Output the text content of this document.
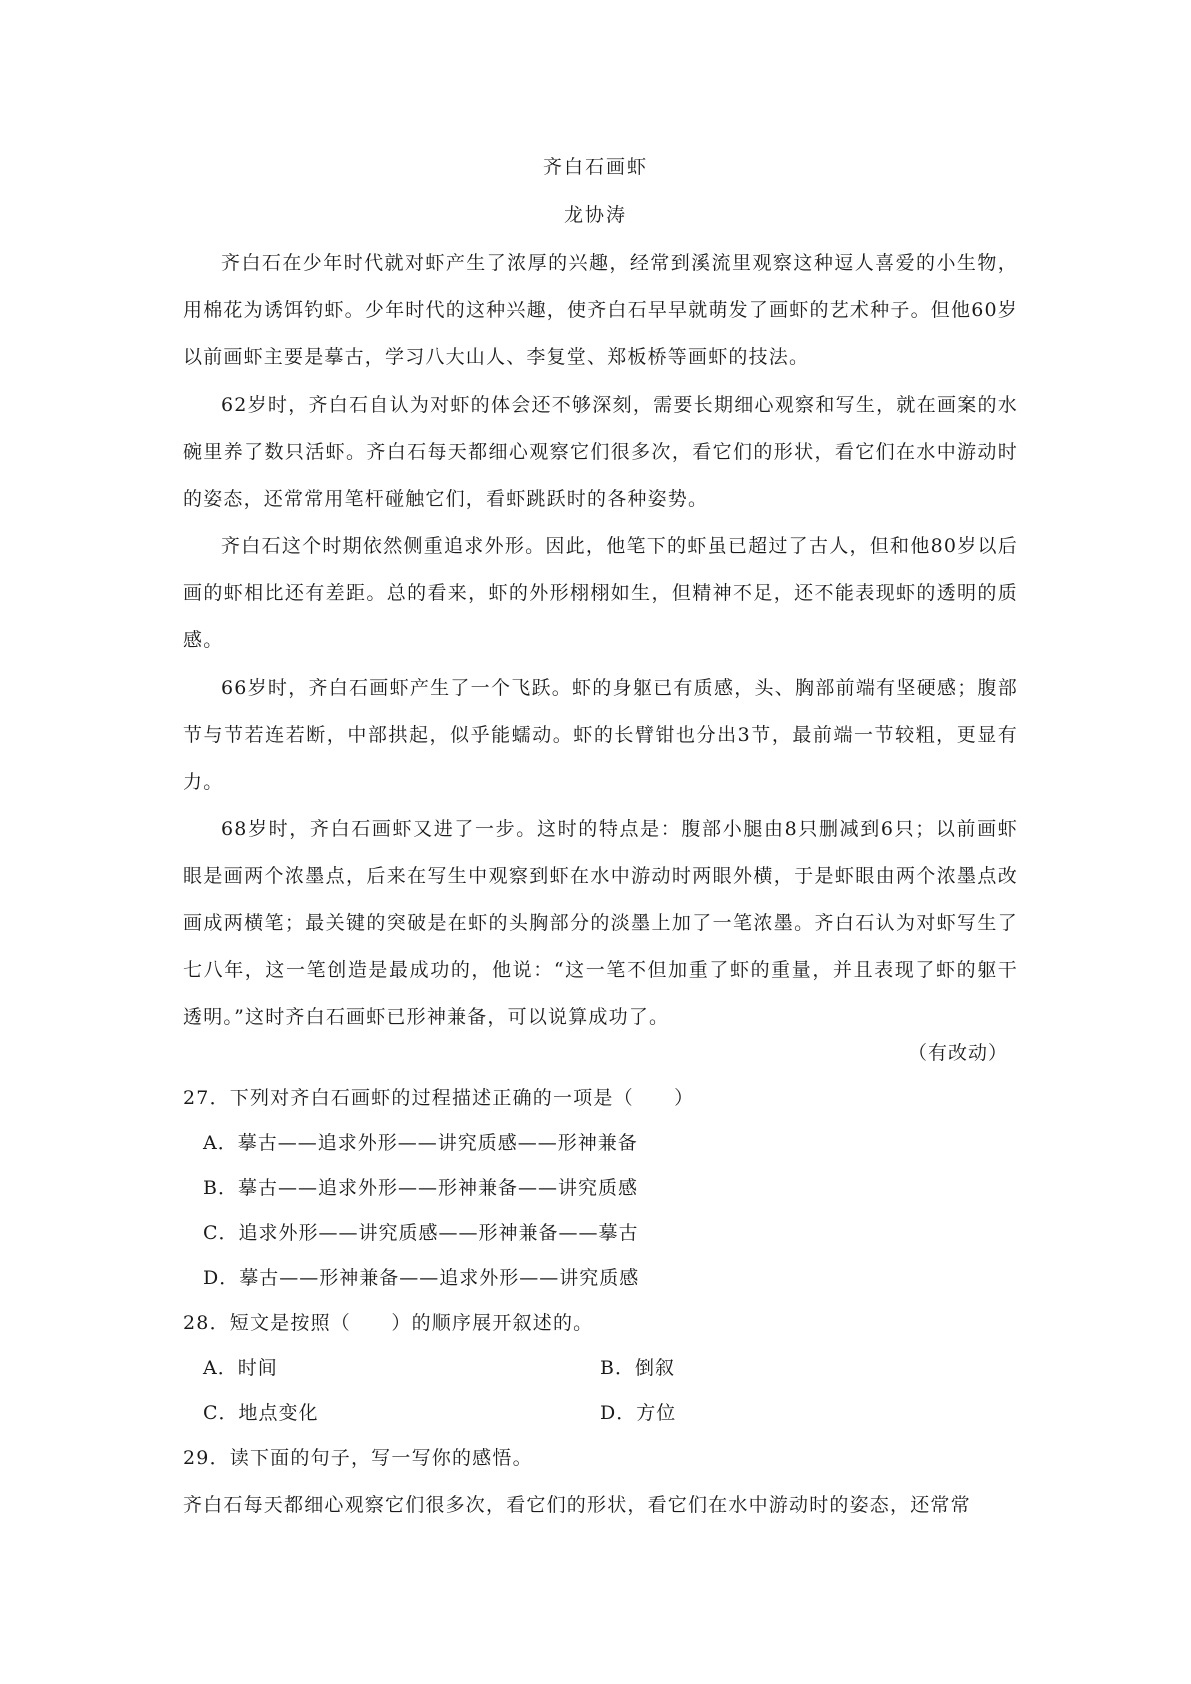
齐白石画虾
龙协涛

齐白石在少年时代就对虾产生了浓厚的兴趣，经常到溪流里观察这种逗人喜爱的小生物，用棉花为诱饵钓虾。少年时代的这种兴趣，使齐白石早早就萌发了画虾的艺术种子。但他60岁以前画虾主要是摹古，学习八大山人、李复堂、郑板桥等画虾的技法。

62岁时，齐白石自认为对虾的体会还不够深刻，需要长期细心观察和写生，就在画案的水碗里养了数只活虾。齐白石每天都细心观察它们很多次，看它们的形状，看它们在水中游动时的姿态，还常常用笔杆碰触它们，看虾跳跃时的各种姿势。

齐白石这个时期依然侧重追求外形。因此，他笔下的虾虽已超过了古人，但和他80岁以后画的虾相比还有差距。总的看来，虾的外形栩栩如生，但精神不足，还不能表现虾的透明的质感。

66岁时，齐白石画虾产生了一个飞跃。虾的身躯已有质感，头、胸部前端有坚硬感；腹部节与节若连若断，中部拱起，似乎能蠕动。虾的长臂钳也分出3节，最前端一节较粗，更显有力。

68岁时，齐白石画虾又进了一步。这时的特点是：腹部小腿由8只删减到6只；以前画虾眼是画两个浓墨点，后来在写生中观察到虾在水中游动时两眼外横，于是虾眼由两个浓墨点改画成两横笔；最关键的突破是在虾的头胸部分的淡墨上加了一笔浓墨。齐白石认为对虾写生了七八年，这一笔创造是最成功的，他说：“这一笔不但加重了虾的重量，并且表现了虾的躯干透明。”这时齐白石画虾已形神兼备，可以说算成功了。

（有改动）
27．下列对齐白石画虾的过程描述正确的一项是（　　）
A．摹古——追求外形——讲究质感——形神兼备
B．摹古——追求外形——形神兼备——讲究质感
C．追求外形——讲究质感——形神兼备——摹古
D．摹古——形神兼备——追求外形——讲究质感
28．短文是按照（　　）的顺序展开叙述的。
A．时间	B．倒叙
C．地点变化	D．方位
29．读下面的句子，写一写你的感悟。
齐白石每天都细心观察它们很多次，看它们的形状，看它们在水中游动时的姿态，还常常
